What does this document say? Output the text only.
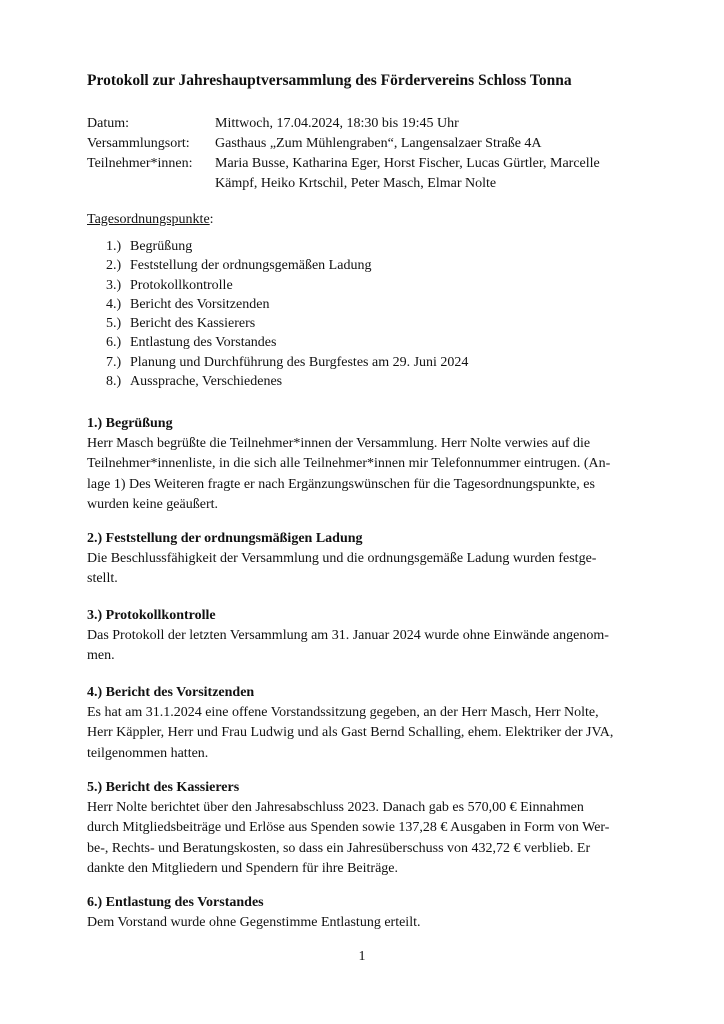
Protokoll zur Jahreshauptversammlung des Fördervereins Schloss Tonna
Datum:	Mittwoch, 17.04.2024, 18:30 bis 19:45 Uhr
Versammlungsort:	Gasthaus „Zum Mühlengraben“, Langensalzaer Straße 4A
Teilnehmer*innen:	Maria Busse, Katharina Eger, Horst Fischer, Lucas Gürtler, Marcelle
Kämpf, Heiko Krtschil, Peter Masch, Elmar Nolte
Tagesordnungspunkte:
1.) Begrüßung
2.) Feststellung der ordnungsgemäßen Ladung
3.) Protokollkontrolle
4.) Bericht des Vorsitzenden
5.) Bericht des Kassierers
6.) Entlastung des Vorstandes
7.) Planung und Durchführung des Burgfestes am 29. Juni 2024
8.) Aussprache, Verschiedenes
1.) Begrüßung

Herr Masch begrüßte die Teilnehmer*innen der Versammlung. Herr Nolte verwies auf die

Teilnehmer*innenliste, in die sich alle Teilnehmer*innen mir Telefonnummer eintrugen. (An-

lage 1) Des Weiteren fragte er nach Ergänzungswünschen für die Tagesordnungspunkte, es

wurden keine geäußert.

2.) Feststellung der ordnungsmäßigen Ladung

Die Beschlussfähigkeit der Versammlung und die ordnungsgemäße Ladung wurden festge-

stellt.

3.) Protokollkontrolle

Das Protokoll der letzten Versammlung am 31. Januar 2024 wurde ohne Einwände angenom-

men.

4.) Bericht des Vorsitzenden

Es hat am 31.1.2024 eine offene Vorstandssitzung gegeben, an der Herr Masch, Herr Nolte,

Herr Käppler, Herr und Frau Ludwig und als Gast Bernd Schalling, ehem. Elektriker der JVA,

teilgenommen hatten.

5.) Bericht des Kassierers

Herr Nolte berichtet über den Jahresabschluss 2023. Danach gab es 570,00 € Einnahmen

durch Mitgliedsbeiträge und Erlöse aus Spenden sowie 137,28 € Ausgaben in Form von Wer-

be-, Rechts- und Beratungskosten, so dass ein Jahresüberschuss von 432,72 € verblieb. Er

dankte den Mitgliedern und Spendern für ihre Beiträge.

6.) Entlastung des Vorstandes

Dem Vorstand wurde ohne Gegenstimme Entlastung erteilt.

1
